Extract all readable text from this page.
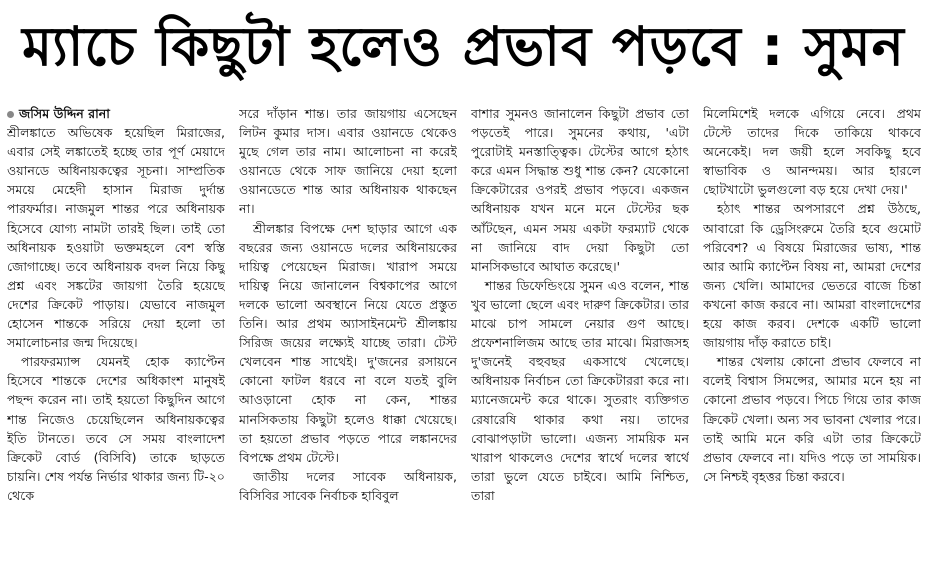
ম্যাচে কিছুটা হলেও প্রভাব পড়বে : সুমন
জসিম উদ্দিন রানা

শ্রীলঙ্কাতে অভিষেক হয়েছিল মিরাজের, এবার সেই লঙ্কাতেই হচ্ছে তার পূর্ণ মেয়াদে ওয়ানডে অধিনায়কত্বের সূচনা। সাম্প্রতিক সময়ে মেহেদী হাসান মিরাজ দুর্দান্ত পারফর্মার। নাজমুল শান্তর পরে অধিনায়ক হিসেবে যোগ্য নামটা তারই ছিল। তাই তো অধিনায়ক হওয়াটা ভক্তমহলে বেশ স্বস্তি জোগাচ্ছে। তবে অধিনায়ক বদল নিয়ে কিছু প্রশ্ন এবং সঙ্কটের জায়গা তৈরি হয়েছে দেশের ক্রিকেট পাড়ায়। যেভাবে নাজমুল হোসেন শান্তকে সরিয়ে দেয়া হলো তা সমালোচনার জন্ম দিয়েছে।

পারফরম্যান্স যেমনই হোক ক্যাপ্টেন হিসেবে শান্তকে দেশের অধিকাংশ মানুষই পছন্দ করেন না। তাই হয়তো কিছুদিন আগে শান্ত নিজেও চেয়েছিলেন অধিনায়কত্বের ইতি টানতে। তবে সে সময় বাংলাদেশ ক্রিকেট বোর্ড (বিসিবি) তাকে ছাড়তে চায়নি। শেষ পর্যন্ত নির্ভার থাকার জন্য টি-২০ থেকে

সরে দাঁড়ান শান্ত। তার জায়গায় এসেছেন লিটন কুমার দাস। এবার ওয়ানডে থেকেও মুছে গেল তার নাম। আলোচনা না করেই ওয়ানডে থেকে সাফ জানিয়ে দেয়া হলো ওয়ানডেতে শান্ত আর অধিনায়ক থাকছেন না।

শ্রীলঙ্কার বিপক্ষে দেশ ছাড়ার আগে এক বছরের জন্য ওয়ানডে দলের অধিনায়কের দায়িত্ব পেয়েছেন মিরাজ। খারাপ সময়ে দায়িত্ব নিয়ে জানালেন বিশ্বকাপের আগে দলকে ভালো অবস্থানে নিয়ে যেতে প্রস্তুত তিনি। আর প্রথম অ্যাসাইনমেন্ট শ্রীলঙ্কায় সিরিজ জয়ের লক্ষ্যেই যাচ্ছে তারা। টেস্ট খেলবেন শান্ত সাথেই। দু'জনের রসায়নে কোনো ফাটল ধরবে না বলে যতই বুলি আওড়ানো হোক না কেন, শান্তর মানসিকতায় কিছুটা হলেও ধাক্কা খেয়েছে। তা হয়তো প্রভাব পড়তে পারে লঙ্কানদের বিপক্ষে প্রথম টেস্টে।

জাতীয় দলের সাবেক অধিনায়ক, বিসিবির সাবেক নির্বাচক হাবিবুল

বাশার সুমনও জানালেন কিছুটা প্রভাব তো পড়তেই পারে। সুমনের কথায়, 'এটা পুরোটাই মনস্তাত্ত্বিক। টেস্টের আগে হঠাৎ করে এমন সিদ্ধান্ত শুধু শান্ত কেন? যেকোনো ক্রিকেটারের ওপরই প্রভাব পড়বে। একজন অধিনায়ক যখন মনে মনে টেস্টের ছক আঁটছেন, এমন সময় একটা ফরম্যাট থেকে না জানিয়ে বাদ দেয়া কিছুটা তো মানসিকভাবে আঘাত করেছে।'

শান্তর ডিফেন্ডিংয়ে সুমন এও বলেন, শান্ত খুব ভালো ছেলে এবং দারুণ ক্রিকেটার। তার মাঝে চাপ সামলে নেয়ার গুণ আছে। প্রফেশনালিজম আছে তার মাঝে। মিরাজসহ দু'জনেই বহুবছর একসাথে খেলেছে। অধিনায়ক নির্বাচন তো ক্রিকেটাররা করে না। ম্যানেজমেন্ট করে থাকে। সুতরাং ব্যক্তিগত রেষারেষি থাকার কথা নয়। তাদের বোঝাপড়াটা ভালো। এজন্য সাময়িক মন খারাপ থাকলেও দেশের স্বার্থে দলের স্বার্থে তারা ভুলে যেতে চাইবে। আমি নিশ্চিত, তারা

মিলেমিশেই দলকে এগিয়ে নেবে। প্রথম টেস্টে তাদের দিকে তাকিয়ে থাকবে অনেকেই। দল জয়ী হলে সবকিছু হবে স্বাভাবিক ও আনন্দময়। আর হারলে ছোটখাটো ভুলগুলো বড় হয়ে দেখা দেয়।'

হঠাৎ শান্তর অপসারণে প্রশ্ন উঠছে, আবারো কি ড্রেসিংরুমে তৈরি হবে গুমোট পরিবেশ? এ বিষয়ে মিরাজের ভাষ্য, শান্ত আর আমি ক্যাপ্টেন বিষয় না, আমরা দেশের জন্য খেলি। আমাদের ভেতরে বাজে চিন্তা কখনো কাজ করবে না। আমরা বাংলাদেশের হয়ে কাজ করব। দেশকে একটি ভালো জায়গায় দাঁড় করাতে চাই।

শান্তর খেলায় কোনো প্রভাব ফেলবে না বলেই বিশ্বাস সিমন্সের, আমার মনে হয় না কোনো প্রভাব পড়বে। পিচে গিয়ে তার কাজ ক্রিকেট খেলা। অন্য সব ভাবনা খেলার পরে। তাই আমি মনে করি এটা তার ক্রিকেটে প্রভাব ফেলবে না। যদিও পড়ে তা সাময়িক। সে নিশ্চই বৃহত্তর চিন্তা করবে।
